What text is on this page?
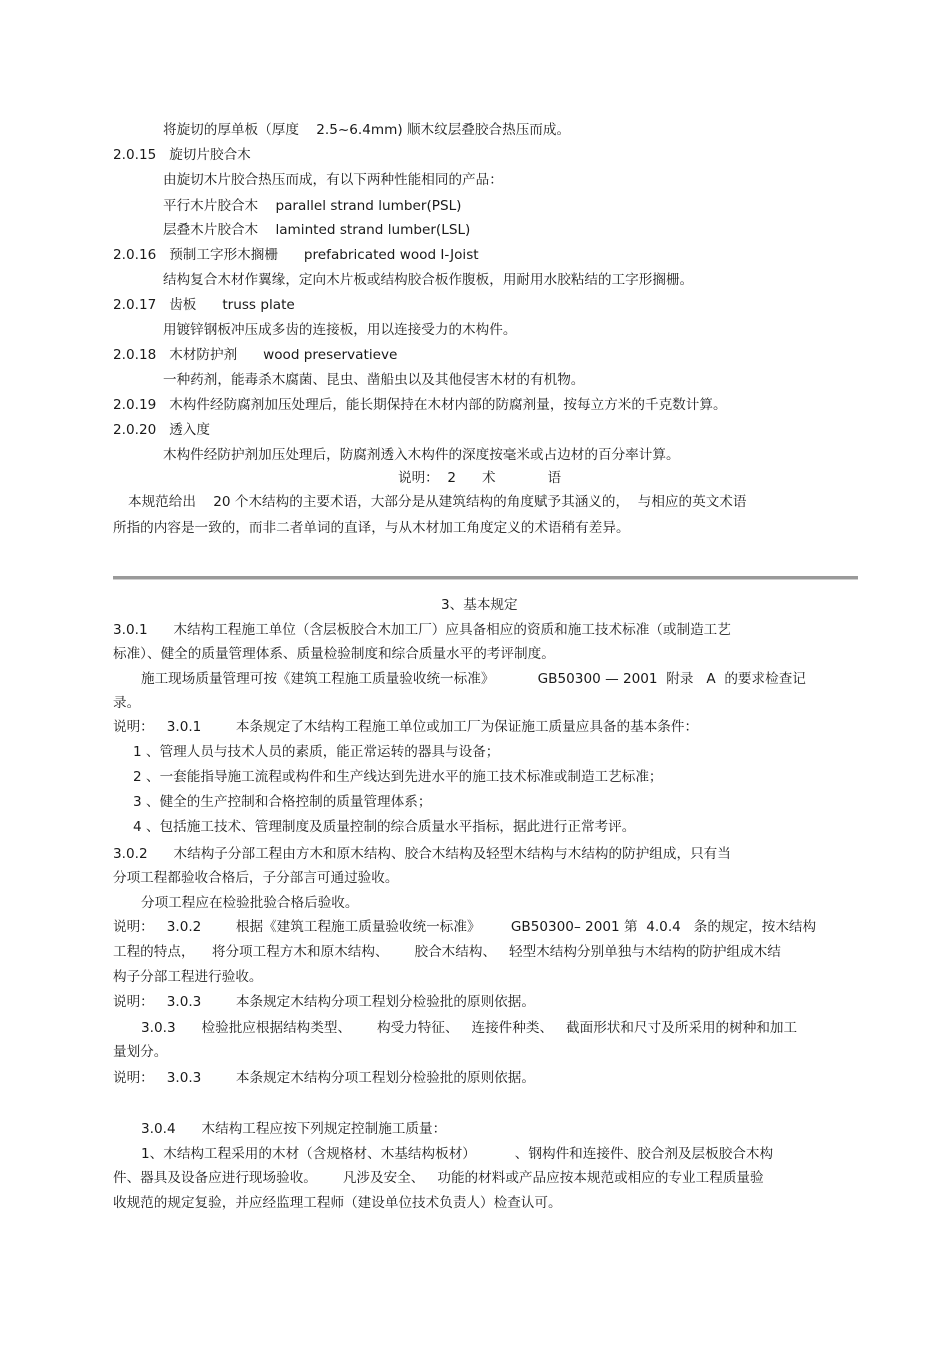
将旋切的厚单板（厚度    2.5~6.4mm) 顺木纹层叠胶合热压而成。
2.0.15   旋切片胶合木
由旋切木片胶合热压而成，有以下两种性能相同的产品：
平行木片胶合木    parallel strand lumber(PSL)
层叠木片胶合木    laminted strand lumber(LSL)
2.0.16   预制工字形木搁栅      prefabricated wood I-Joist
结构复合木材作翼缘，定向木片板或结构胶合板作腹板，用耐用水胶粘结的工字形搁栅。
2.0.17   齿板      truss plate
用镀锌钢板冲压成多齿的连接板，用以连接受力的木构件。
2.0.18   木材防护剂      wood preservatieve
一种药剂，能毒杀木腐菌、昆虫、凿船虫以及其他侵害木材的有机物。
2.0.19   木构件经防腐剂加压处理后，能长期保持在木材内部的防腐剂量，按每立方米的千克数计算。
2.0.20   透入度
木构件经防护剂加压处理后，防腐剂透入木构件的深度按毫米或占边材的百分率计算。
说明：  2      术            语
本规范给出    20 个木结构的主要术语，大部分是从建筑结构的角度赋予其涵义的，  与相应的英文术语
所指的内容是一致的，而非二者单词的直译，与从木材加工角度定义的术语稍有差异。
3、基本规定
3.0.1      木结构工程施工单位（含层板胶合木加工厂）应具备相应的资质和施工技术标准（或制造工艺
标准）、健全的质量管理体系、质量检验制度和综合质量水平的考评制度。
施工现场质量管理可按《建筑工程施工质量验收统一标准》          GB50300 — 2001  附录   A  的要求检查记
录。
说明：   3.0.1        本条规定了木结构工程施工单位或加工厂为保证施工质量应具备的基本条件：
1 、管理人员与技术人员的素质，能正常运转的器具与设备；
2 、一套能指导施工流程或构件和生产线达到先进水平的施工技术标准或制造工艺标准；
3 、健全的生产控制和合格控制的质量管理体系；
4 、包括施工技术、管理制度及质量控制的综合质量水平指标，据此进行正常考评。
3.0.2      木结构子分部工程由方木和原木结构、胶合木结构及轻型木结构与木结构的防护组成，只有当
分项工程都验收合格后，子分部言可通过验收。
分项工程应在检验批验合格后验收。
说明：   3.0.2        根据《建筑工程施工质量验收统一标准》       GB50300– 2001 第  4.0.4   条的规定，按木结构
工程的特点，    将分项工程方木和原木结构、      胶合木结构、   轻型木结构分别单独与木结构的防护组成木结
构子分部工程进行验收。
说明：   3.0.3        本条规定木结构分项工程划分检验批的原则依据。
3.0.3      检验批应根据结构类型、      构受力特征、   连接件种类、   截面形状和尺寸及所采用的树种和加工
量划分。
说明：   3.0.3        本条规定木结构分项工程划分检验批的原则依据。
3.0.4      木结构工程应按下列规定控制施工质量：
1、木结构工程采用的木材（含规格材、木基结构板材）         、钢构件和连接件、胶合剂及层板胶合木构
件、器具及设备应进行现场验收。      凡涉及安全、   功能的材料或产品应按本规范或相应的专业工程质量验
收规范的规定复验，并应经监理工程师（建设单位技术负责人）检查认可。
